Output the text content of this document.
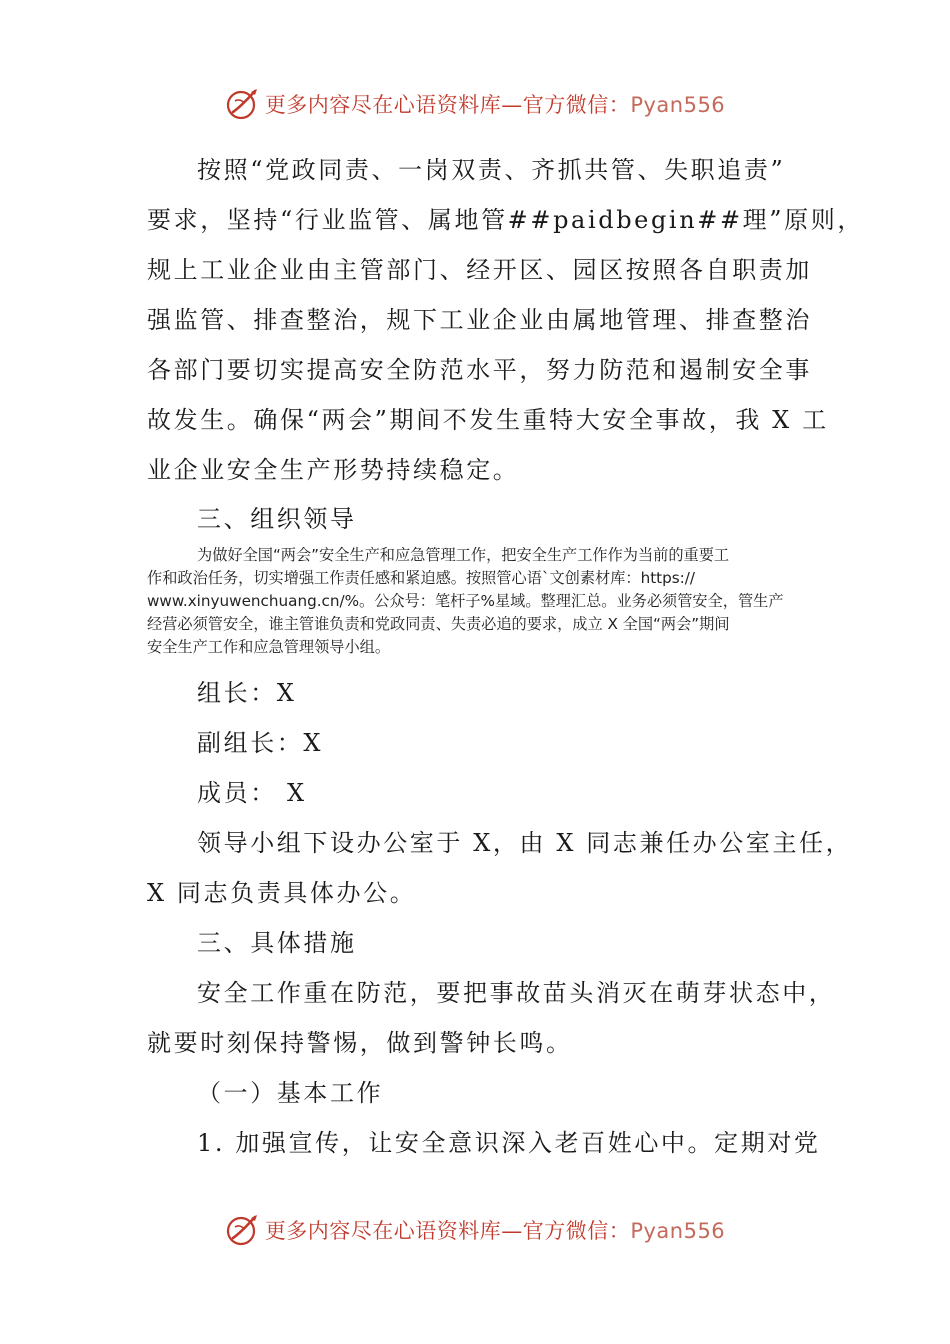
更多内容尽在心语资料库—官方微信：Pyan556
按照“党政同责、一岗双责、齐抓共管、失职追责”
要求，坚持“行业监管、属地管##paidbegin##理”原则，
规上工业企业由主管部门、经开区、园区按照各自职责加
强监管、排查整治，规下工业企业由属地管理、排查整治
各部门要切实提高安全防范水平，努力防范和遏制安全事
故发生。确保“两会”期间不发生重特大安全事故，我 X 工
业企业安全生产形势持续稳定。
三、组织领导
为做好全国“两会”安全生产和应急管理工作，把安全生产工作作为当前的重要工
作和政治任务，切实增强工作责任感和紧迫感。按照管心语`文创素材库：https://
www.xinyuwenchuang.cn/%。公众号：笔杆子%星域。整理汇总。业务必须管安全，管生产
经营必须管安全，谁主管谁负责和党政同责、失责必追的要求，成立 X 全国“两会”期间
安全生产工作和应急管理领导小组。
组长：X
副组长：X
成员： X
领导小组下设办公室于 X，由 X 同志兼任办公室主任，
X 同志负责具体办公。
三、具体措施
安全工作重在防范，要把事故苗头消灭在萌芽状态中，
就要时刻保持警惕，做到警钟长鸣。
（一）基本工作
1. 加强宣传，让安全意识深入老百姓心中。定期对党
更多内容尽在心语资料库—官方微信：Pyan556
